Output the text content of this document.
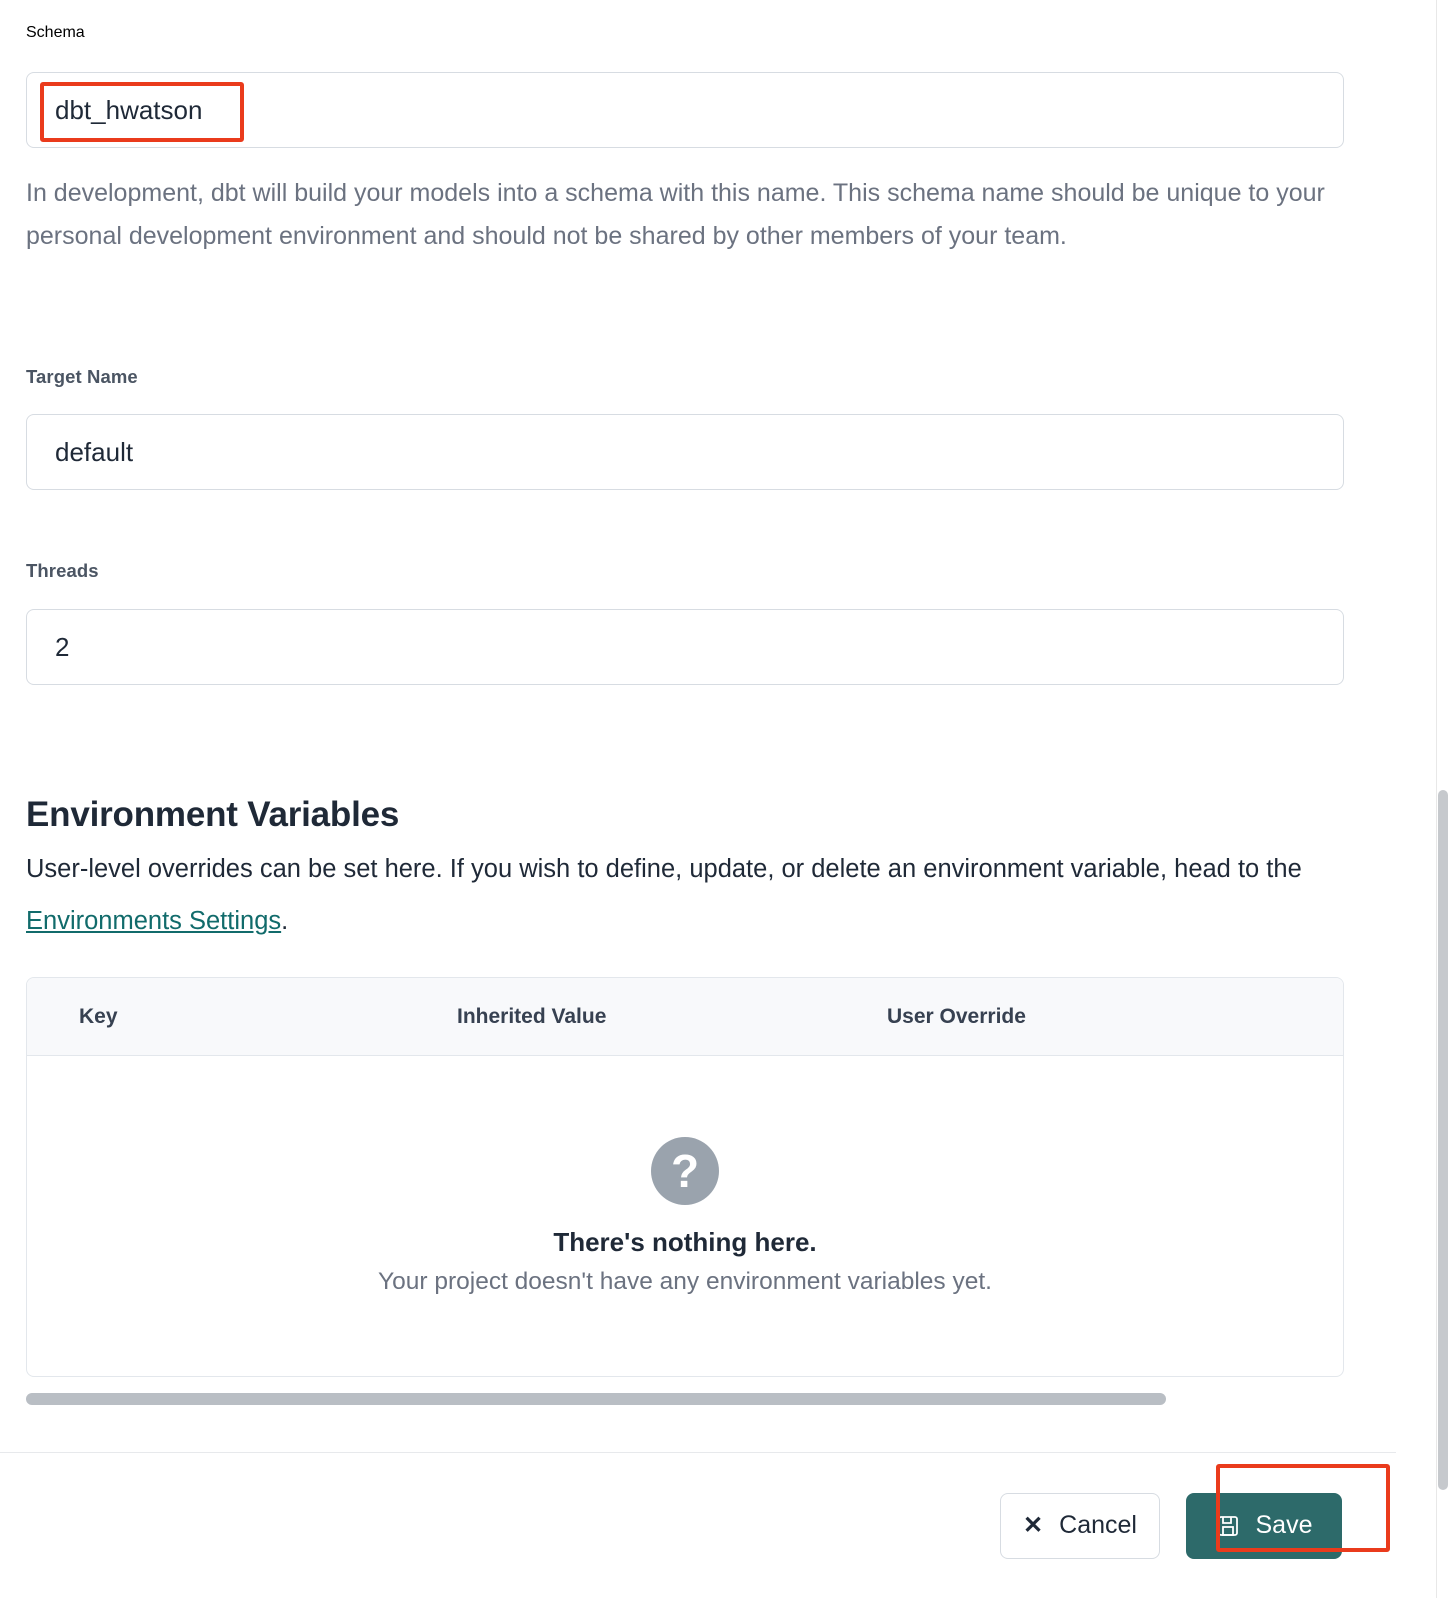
Schema
dbt_hwatson
In development, dbt will build your models into a schema with this name. This schema name should be unique to your personal development environment and should not be shared by other members of your team.
Target Name
default
Threads
2
Environment Variables
User-level overrides can be set here. If you wish to define, update, or delete an environment variable, head to the Environments Settings.
Key	Inherited Value	User Override
?
There's nothing here.
Your project doesn't have any environment variables yet.
✕ Cancel	Save
